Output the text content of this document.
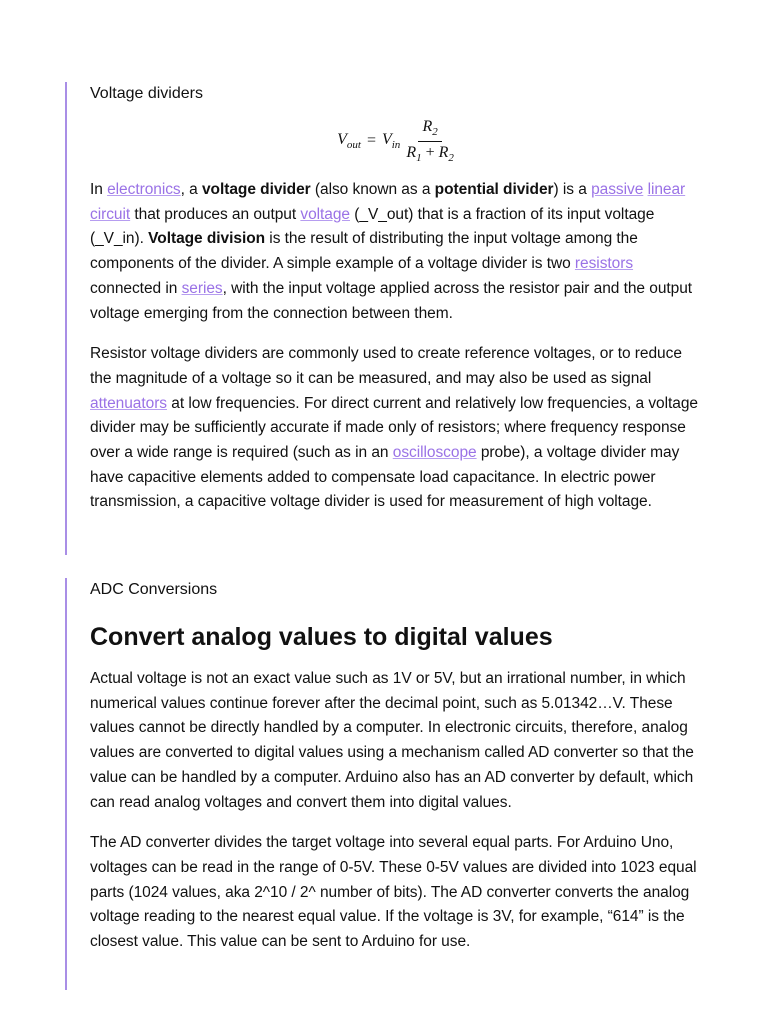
Voltage dividers

$V_{out} = V_{in} \frac{R_2}{R_1 + R_2}$

In electronics, a voltage divider (also known as a potential divider) is a passive linear circuit that produces an output voltage (_V_out) that is a fraction of its input voltage (_V_in). Voltage division is the result of distributing the input voltage among the components of the divider. A simple example of a voltage divider is two resistors connected in series, with the input voltage applied across the resistor pair and the output voltage emerging from the connection between them.

Resistor voltage dividers are commonly used to create reference voltages, or to reduce the magnitude of a voltage so it can be measured, and may also be used as signal attenuators at low frequencies. For direct current and relatively low frequencies, a voltage divider may be sufficiently accurate if made only of resistors; where frequency response over a wide range is required (such as in an oscilloscope probe), a voltage divider may have capacitive elements added to compensate load capacitance. In electric power transmission, a capacitive voltage divider is used for measurement of high voltage.

ADC Conversions

Convert analog values to digital values

Actual voltage is not an exact value such as 1V or 5V, but an irrational number, in which numerical values continue forever after the decimal point, such as 5.01342…V. These values cannot be directly handled by a computer. In electronic circuits, therefore, analog values are converted to digital values using a mechanism called AD converter so that the value can be handled by a computer. Arduino also has an AD converter by default, which can read analog voltages and convert them into digital values.

The AD converter divides the target voltage into several equal parts. For Arduino Uno, voltages can be read in the range of 0-5V. These 0-5V values are divided into 1023 equal parts (1024 values, aka 2^10 / 2^ number of bits). The AD converter converts the analog voltage reading to the nearest equal value. If the voltage is 3V, for example, “614” is the closest value. This value can be sent to Arduino for use.
